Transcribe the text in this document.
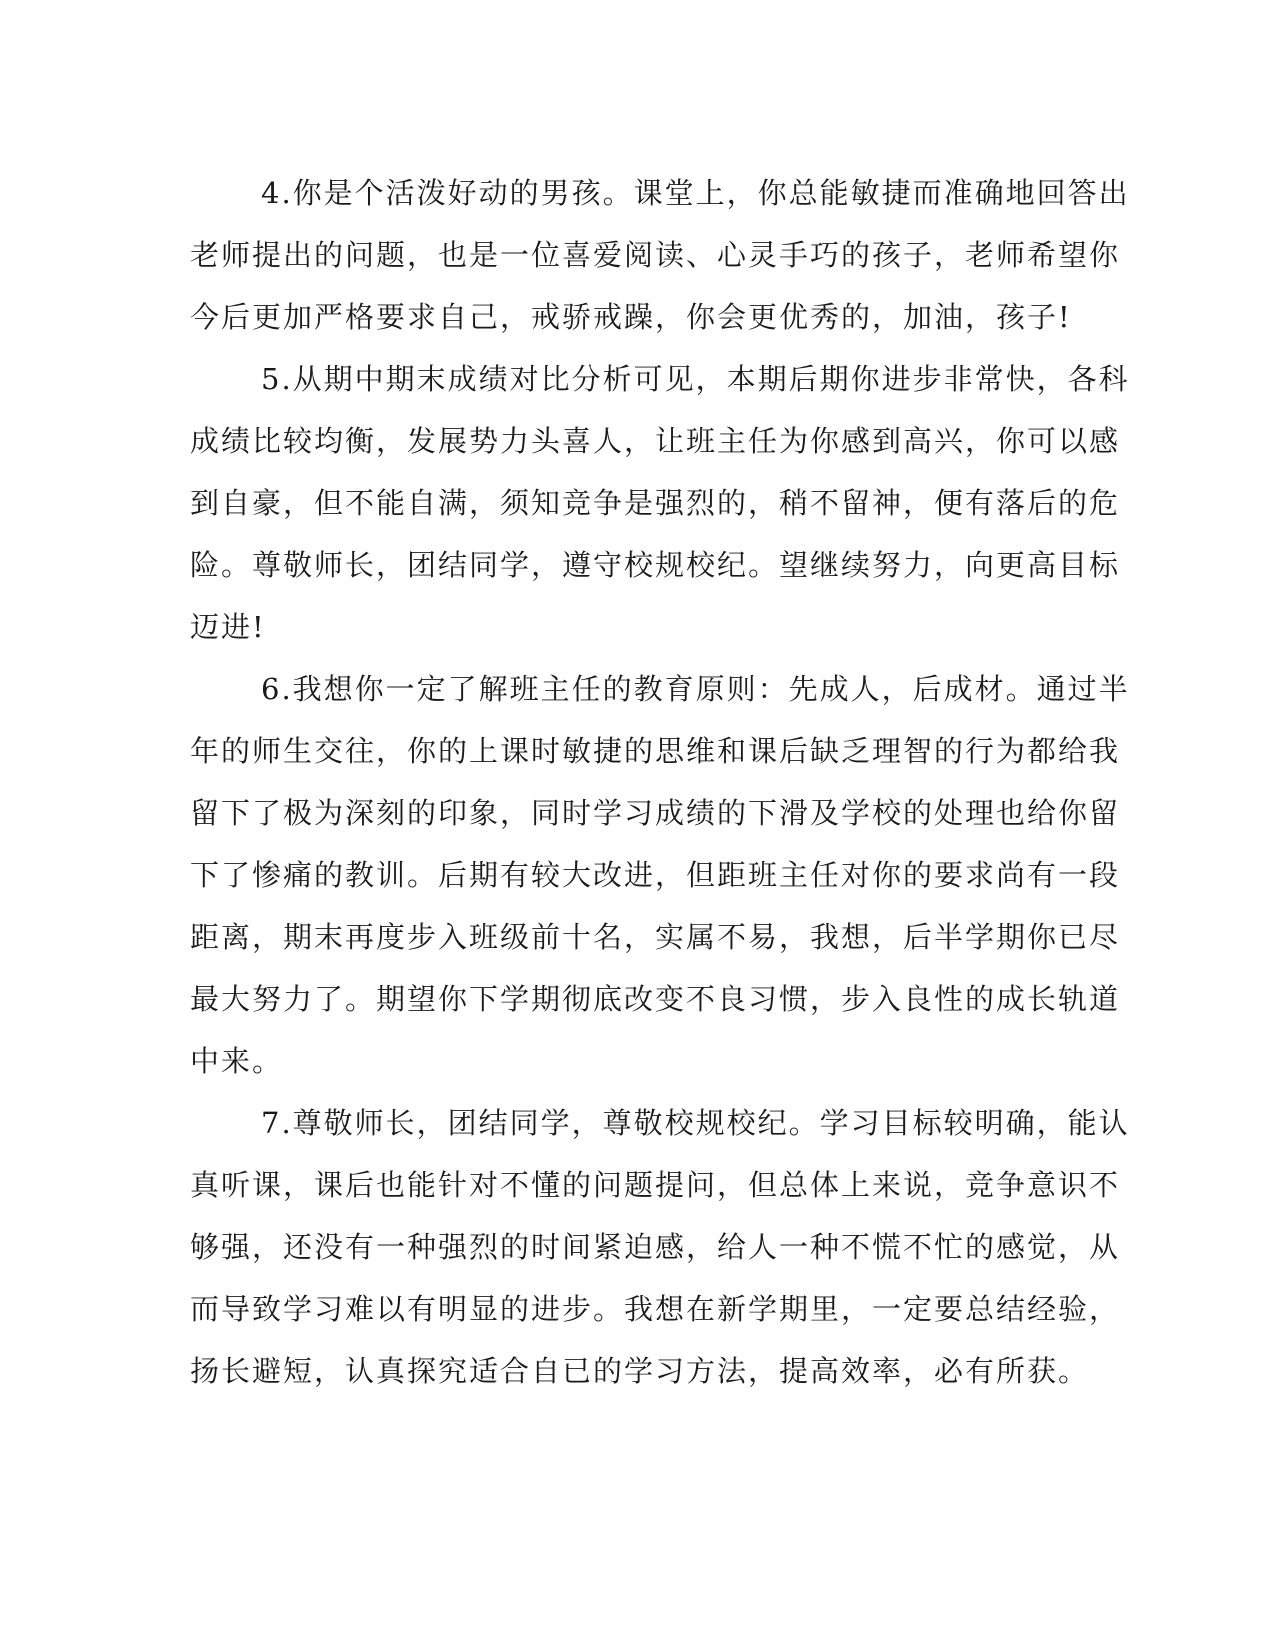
4.你是个活泼好动的男孩。课堂上，你总能敏捷而准确地回答出
老师提出的问题，也是一位喜爱阅读、心灵手巧的孩子，老师希望你
今后更加严格要求自己，戒骄戒躁，你会更优秀的，加油，孩子!
5.从期中期末成绩对比分析可见，本期后期你进步非常快，各科
成绩比较均衡，发展势力头喜人，让班主任为你感到高兴，你可以感
到自豪，但不能自满，须知竞争是强烈的，稍不留神，便有落后的危
险。尊敬师长，团结同学，遵守校规校纪。望继续努力，向更高目标
迈进!
6.我想你一定了解班主任的教育原则：先成人，后成材。通过半
年的师生交往，你的上课时敏捷的思维和课后缺乏理智的行为都给我
留下了极为深刻的印象，同时学习成绩的下滑及学校的处理也给你留
下了惨痛的教训。后期有较大改进，但距班主任对你的要求尚有一段
距离，期末再度步入班级前十名，实属不易，我想，后半学期你已尽
最大努力了。期望你下学期彻底改变不良习惯，步入良性的成长轨道
中来。
7.尊敬师长，团结同学，尊敬校规校纪。学习目标较明确，能认
真听课，课后也能针对不懂的问题提问，但总体上来说，竞争意识不
够强，还没有一种强烈的时间紧迫感，给人一种不慌不忙的感觉，从
而导致学习难以有明显的进步。我想在新学期里，一定要总结经验，
扬长避短，认真探究适合自已的学习方法，提高效率，必有所获。
